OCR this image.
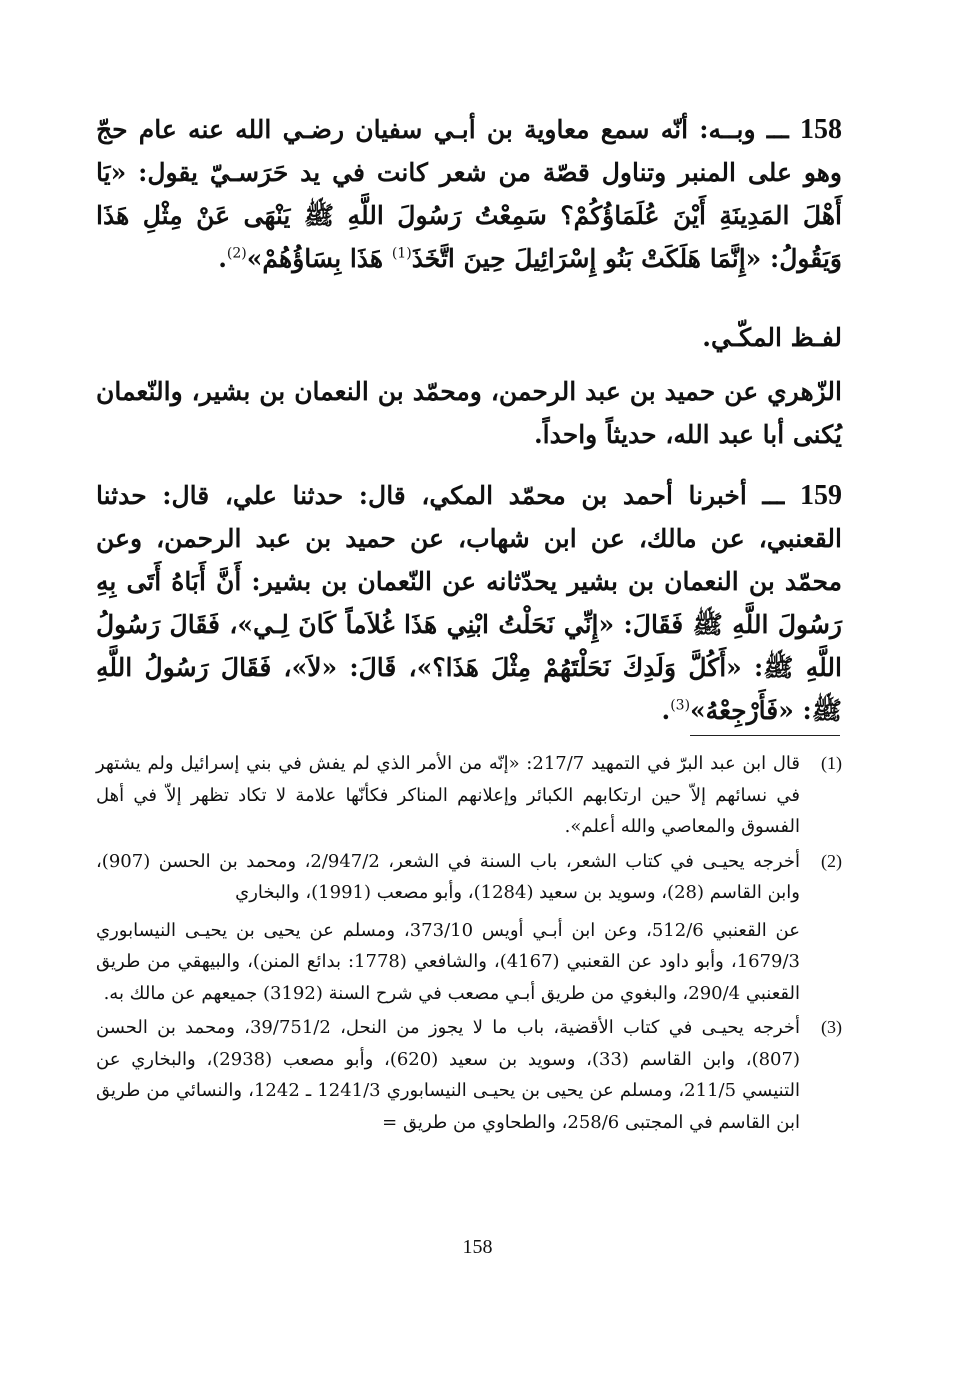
158 ـــ وبــه: أنّه سمع معاوية بن أبـي سفيان رضـي الله عنه عام حجّ وهو على المنبر وتناول قصّة من شعر كانت في يد حَرَسـيّ يقول: «يَا أَهْلَ المَدِينَةِ أَيْنَ عُلَمَاؤُكُمْ؟ سَمِعْتُ رَسُولَ اللَّهِ ﷺ يَنْهَى عَنْ مِثْلِ هَذَا وَيَقُولُ: «إِنَّمَا هَلَكَتْ بَنُو إِسْرَائِيلَ حِينَ اتَّخَذَ$^{(1)}$ هَذَا بِسَاؤُهُمْ»$^{(2)}$.

لفـظ المكّـي.

الزّهري عن حميد بن عبد الرحمن، ومحمّد بن النعمان بن بشير، والنّعمان يُكنى أبا عبد الله، حديثاً واحداً.

159 ـــ أخبرنا أحمد بن محمّد المكي، قال: حدثنا علي، قال: حدثنا القعنبي، عن مالك، عن ابن شهاب، عن حميد بن عبد الرحمن، وعن محمّد بن النعمان بن بشير يحدّثانه عن النّعمان بن بشير: أَنَّ أَبَاهُ أَتَى بِهِ رَسُولَ اللَّهِ ﷺ فَقَالَ: «إِنِّي نَحَلْتُ ابْنِي هَذَا غُلاَماً كَانَ لِـي»، فَقَالَ رَسُولُ اللَّهِ ﷺ: «أَكُلَّ وَلَدِكَ نَحَلْتَهُمْ مِثْلَ هَذَا؟»، قَالَ: «لاَ»، فَقَالَ رَسُولُ اللَّهِ ﷺ: «فَأَرْجِعْهُ»$^{(3)}$.

(1)
قال ابن عبد البرّ في التمهيد 217/7: «إنّه من الأمر الذي لم يفش في بني إسرائيل ولم يشتهر في نسائهم إلاّ حين ارتكابهم الكبائر وإعلانهم المناكر فكأنّها علامة لا تكاد تظهر إلاّ في أهل الفسوق والمعاصي والله أعلم».
(2)
أخرجه يحيـى في كتاب الشعر، باب السنة في الشعر، 2/947/2، ومحمد بن الحسن (907)، وابن القاسم (28)، وسويد بن سعيد (1284)، وأبو مصعب (1991)، والبخاري
عن القعنبي 512/6، وعن ابن أبـي أويس 373/10، ومسلم عن يحيى بن يحيـى النيسابوري 1679/3، وأبو داود عن القعنبي (4167)، والشافعي (1778: بدائع المنن)، والبيهقي من طريق القعنبي 290/4، والبغوي من طريق أبـي مصعب في شرح السنة (3192) جميعهم عن مالك به.
(3)
أخرجه يحيـى في كتاب الأقضية، باب ما لا يجوز من النحل، 39/751/2، ومحمد بن الحسن (807)، وابن القاسم (33)، وسويد بن سعيد (620)، وأبو مصعب (2938)، والبخاري عن التنيسي 211/5، ومسلم عن يحيى بن يحيـى النيسابوري 1241/3 ـ 1242، والنسائي من طريق ابن القاسم في المجتبى 258/6، والطحاوي من طريق =
158
